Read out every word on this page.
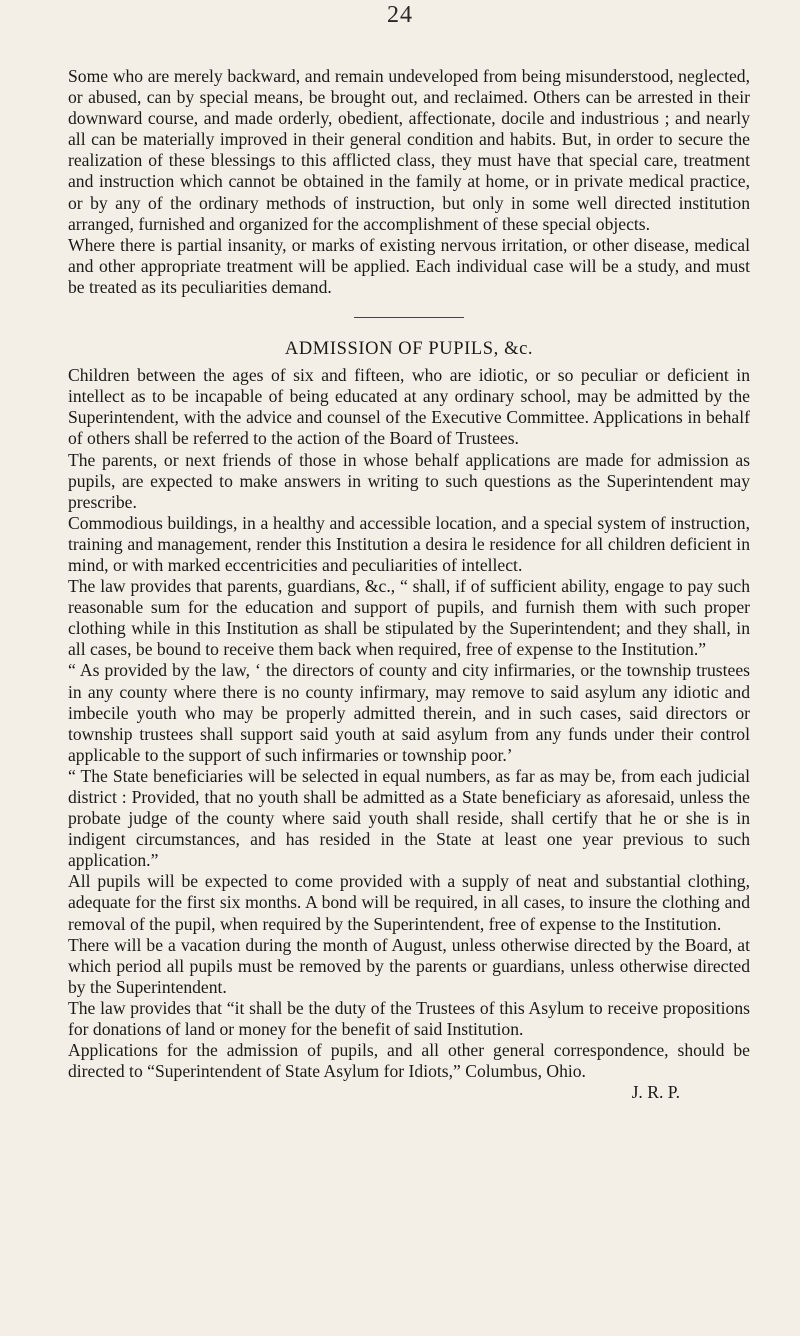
24

Some who are merely backward, and remain undeveloped from being misunderstood, neglected, or abused, can by special means, be brought out, and reclaimed. Others can be arrested in their downward course, and made orderly, obedient, affectionate, docile and industrious ; and nearly all can be materially improved in their general condition and habits. But, in order to secure the realization of these blessings to this afflicted class, they must have that special care, treatment and instruction which cannot be obtained in the family at home, or in private medical practice, or by any of the ordinary methods of instruction, but only in some well directed institution arranged, furnished and organized for the accomplishment of these special objects.

Where there is partial insanity, or marks of existing nervous irritation, or other disease, medical and other appropriate treatment will be applied. Each individual case will be a study, and must be treated as its peculiarities demand.

ADMISSION OF PUPILS, &c.

Children between the ages of six and fifteen, who are idiotic, or so peculiar or deficient in intellect as to be incapable of being educated at any ordinary school, may be admitted by the Superintendent, with the advice and counsel of the Executive Committee. Applications in behalf of others shall be referred to the action of the Board of Trustees.

The parents, or next friends of those in whose behalf applications are made for admission as pupils, are expected to make answers in writing to such questions as the Superintendent may prescribe.

Commodious buildings, in a healthy and accessible location, and a special system of instruction, training and management, render this Institution a desira le residence for all children deficient in mind, or with marked eccentricities and peculiarities of intellect.

The law provides that parents, guardians, &c., “ shall, if of sufficient ability, engage to pay such reasonable sum for the education and support of pupils, and furnish them with such proper clothing while in this Institution as shall be stipulated by the Superintendent; and they shall, in all cases, be bound to receive them back when required, free of expense to the Institution.”

“ As provided by the law, ‘ the directors of county and city infirmaries, or the township trustees in any county where there is no county infirmary, may remove to said asylum any idiotic and imbecile youth who may be properly admitted therein, and in such cases, said directors or township trustees shall support said youth at said asylum from any funds under their control applicable to the support of such infirmaries or township poor.’

“ The State beneficiaries will be selected in equal numbers, as far as may be, from each judicial district : Provided, that no youth shall be admitted as a State beneficiary as aforesaid, unless the probate judge of the county where said youth shall reside, shall certify that he or she is in indigent circumstances, and has resided in the State at least one year previous to such application.”

All pupils will be expected to come provided with a supply of neat and substantial clothing, adequate for the first six months. A bond will be required, in all cases, to insure the clothing and removal of the pupil, when required by the Superintendent, free of expense to the Institution.

There will be a vacation during the month of August, unless otherwise directed by the Board, at which period all pupils must be removed by the parents or guardians, unless otherwise directed by the Superintendent.

The law provides that “it shall be the duty of the Trustees of this Asylum to receive propositions for donations of land or money for the benefit of said Institution.

Applications for the admission of pupils, and all other general correspondence, should be directed to “Superintendent of State Asylum for Idiots,” Columbus, Ohio.

J. R. P.
